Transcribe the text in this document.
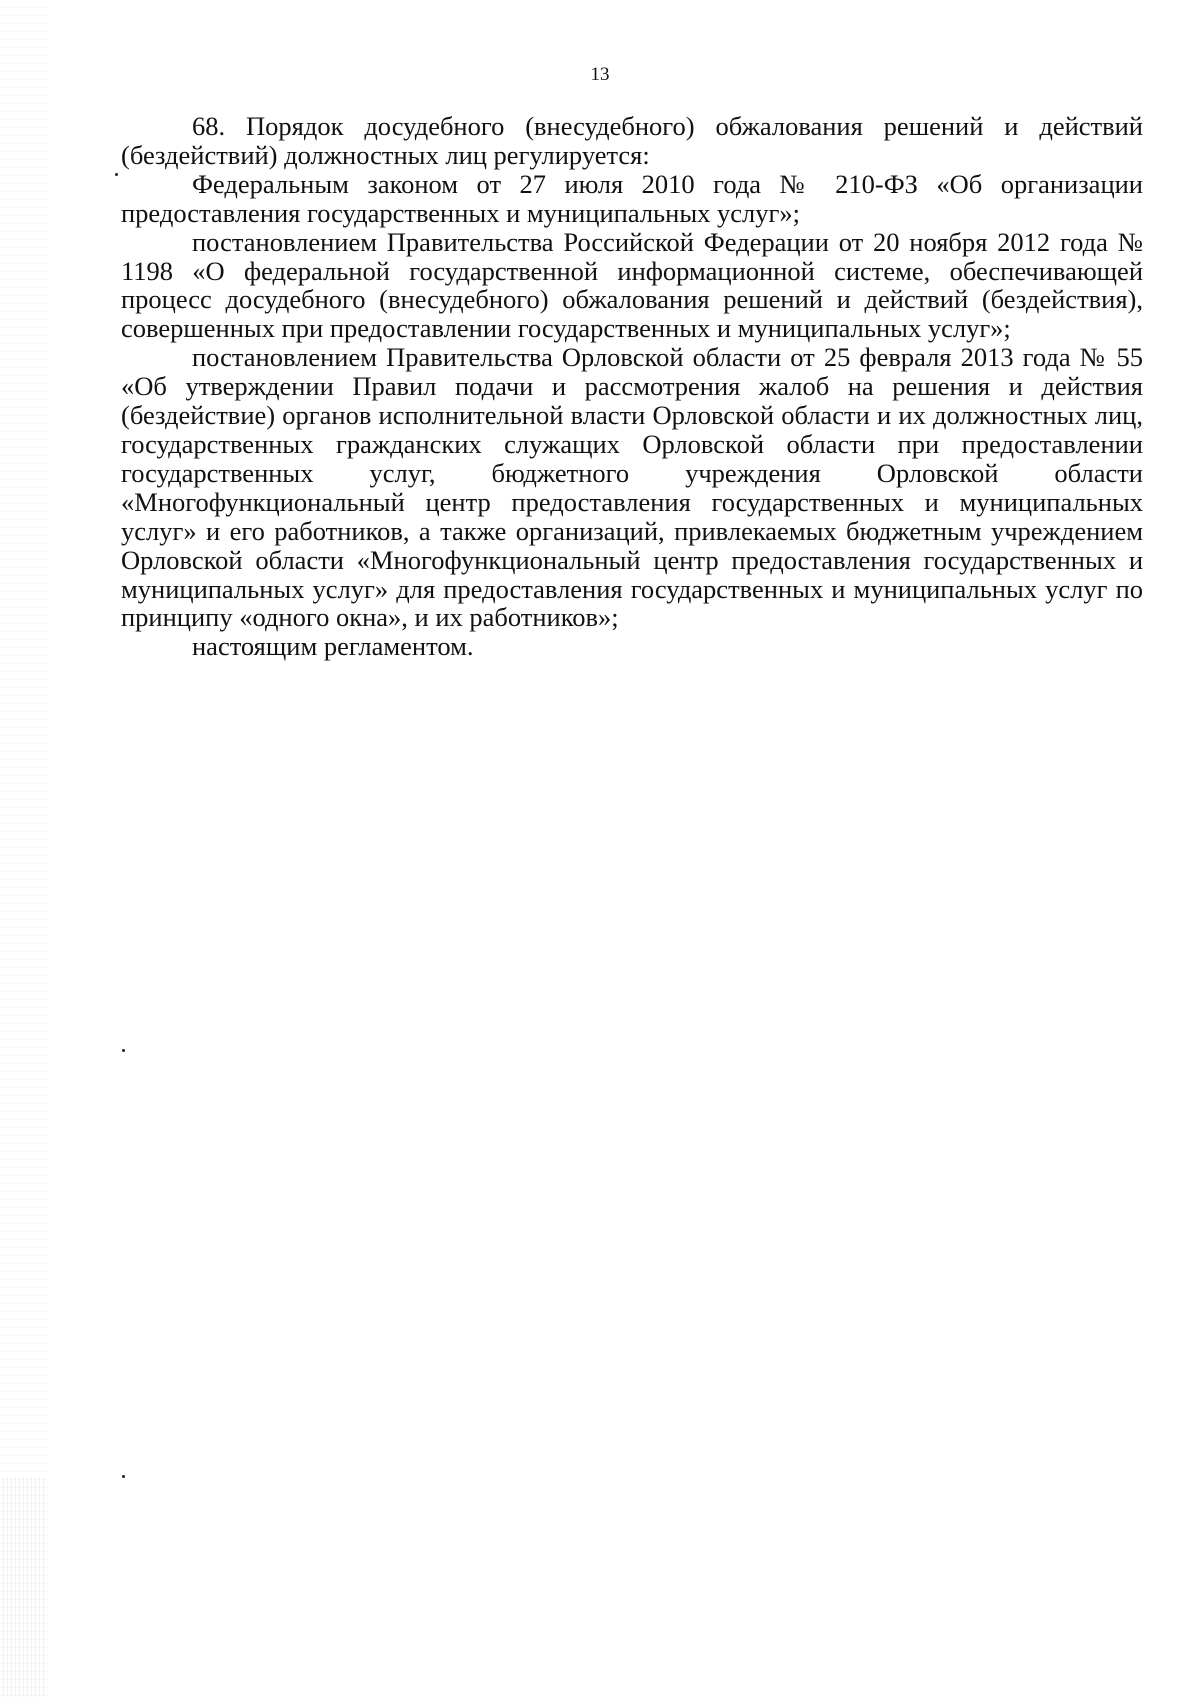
13

68. Порядок досудебного (внесудебного) обжалования решений и действий (бездействий) должностных лиц регулируется:

Федеральным законом от 27 июля 2010 года № 210-ФЗ «Об организации предоставления государственных и муниципальных услуг»;

постановлением Правительства Российской Федерации от 20 ноября 2012 года № 1198 «О федеральной государственной информационной системе, обеспечивающей процесс досудебного (внесудебного) обжалования решений и действий (бездействия), совершенных при предоставлении государственных и муниципальных услуг»;

постановлением Правительства Орловской области от 25 февраля 2013 года № 55 «Об утверждении Правил подачи и рассмотрения жалоб на решения и действия (бездействие) органов исполнительной власти Орловской области и их должностных лиц, государственных гражданских служащих Орловской области при предоставлении государственных услуг, бюджетного учреждения Орловской области «Многофункциональный центр предоставления государственных и муниципальных услуг» и его работников, а также организаций, привлекаемых бюджетным учреждением Орловской области «Многофункциональный центр предоставления государственных и муниципальных услуг» для предоставления государственных и муниципальных услуг по принципу «одного окна», и их работников»;

настоящим регламентом.
